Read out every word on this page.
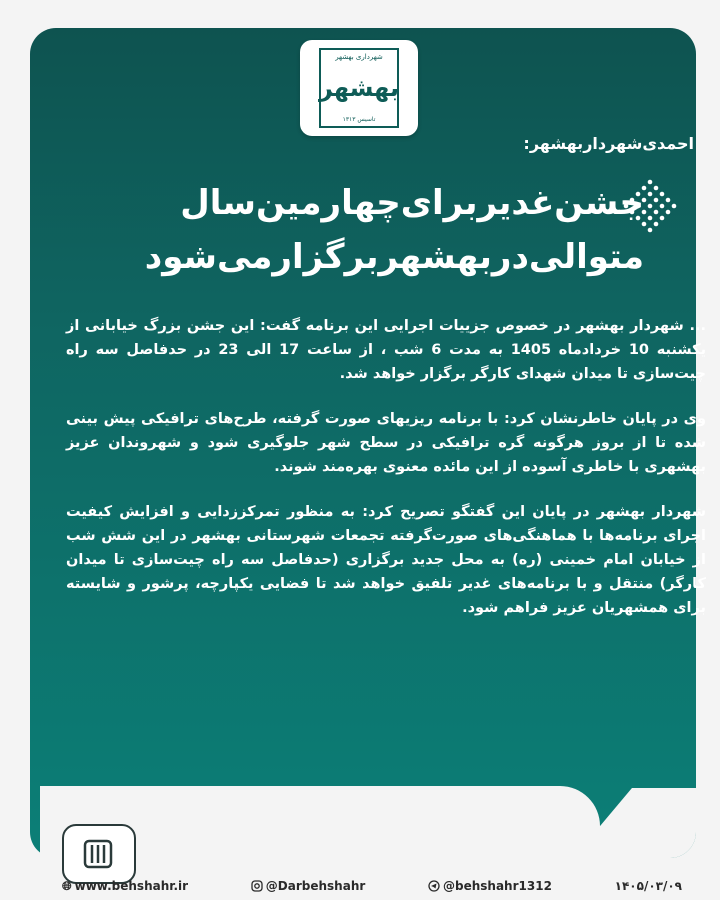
شهرداری بهشهر
بهشهر
تاسیس ۱۳۱۳
احمدی‌شهرداربهشهر:
جشن‌غدیربرای‌چهارمین‌سال متوالی‌دربهشهربرگزارمی‌شود

... شهردار بهشهر در خصوص جزییات اجرایی این برنامه گفت: این جشن بزرگ خیابانی از یکشنبه 10 خردادماه 1405 به مدت 6 شب ، از ساعت 17 الی 23 در حدفاصل سه راه چیت‌سازی تا میدان شهدای کارگر برگزار خواهد شد.

وی در پایان خاطرنشان کرد: با برنامه ریزیهای صورت گرفته، طرح‌های ترافیکی پیش بینی شده تا از بروز هرگونه گره ترافیکی در سطح شهر جلوگیری شود و شهروندان عزیز بهشهری با خاطری آسوده از این مائده معنوی بهره‌مند شوند.

شهردار بهشهر در پایان این گفتگو تصریح کرد: به منظور تمرکززدایی و افزایش کیفیت اجرای برنامه‌ها با هماهنگی‌های صورت‌گرفته تجمعات شهرستانی بهشهر در این شش شب از خیابان امام خمینی (ره) به محل جدید برگزاری (حدفاصل سه راه چیت‌سازی تا میدان کارگر) منتقل و با برنامه‌های غدیر تلفیق خواهد شد تا فضایی یکپارچه، پرشور و شایسته برای همشهریان عزیز فراهم شود.

🌐︎ www.behshahr.ir	@Darbehshahr	@behshahr1312	۱۴۰۵/۰۳/۰۹
